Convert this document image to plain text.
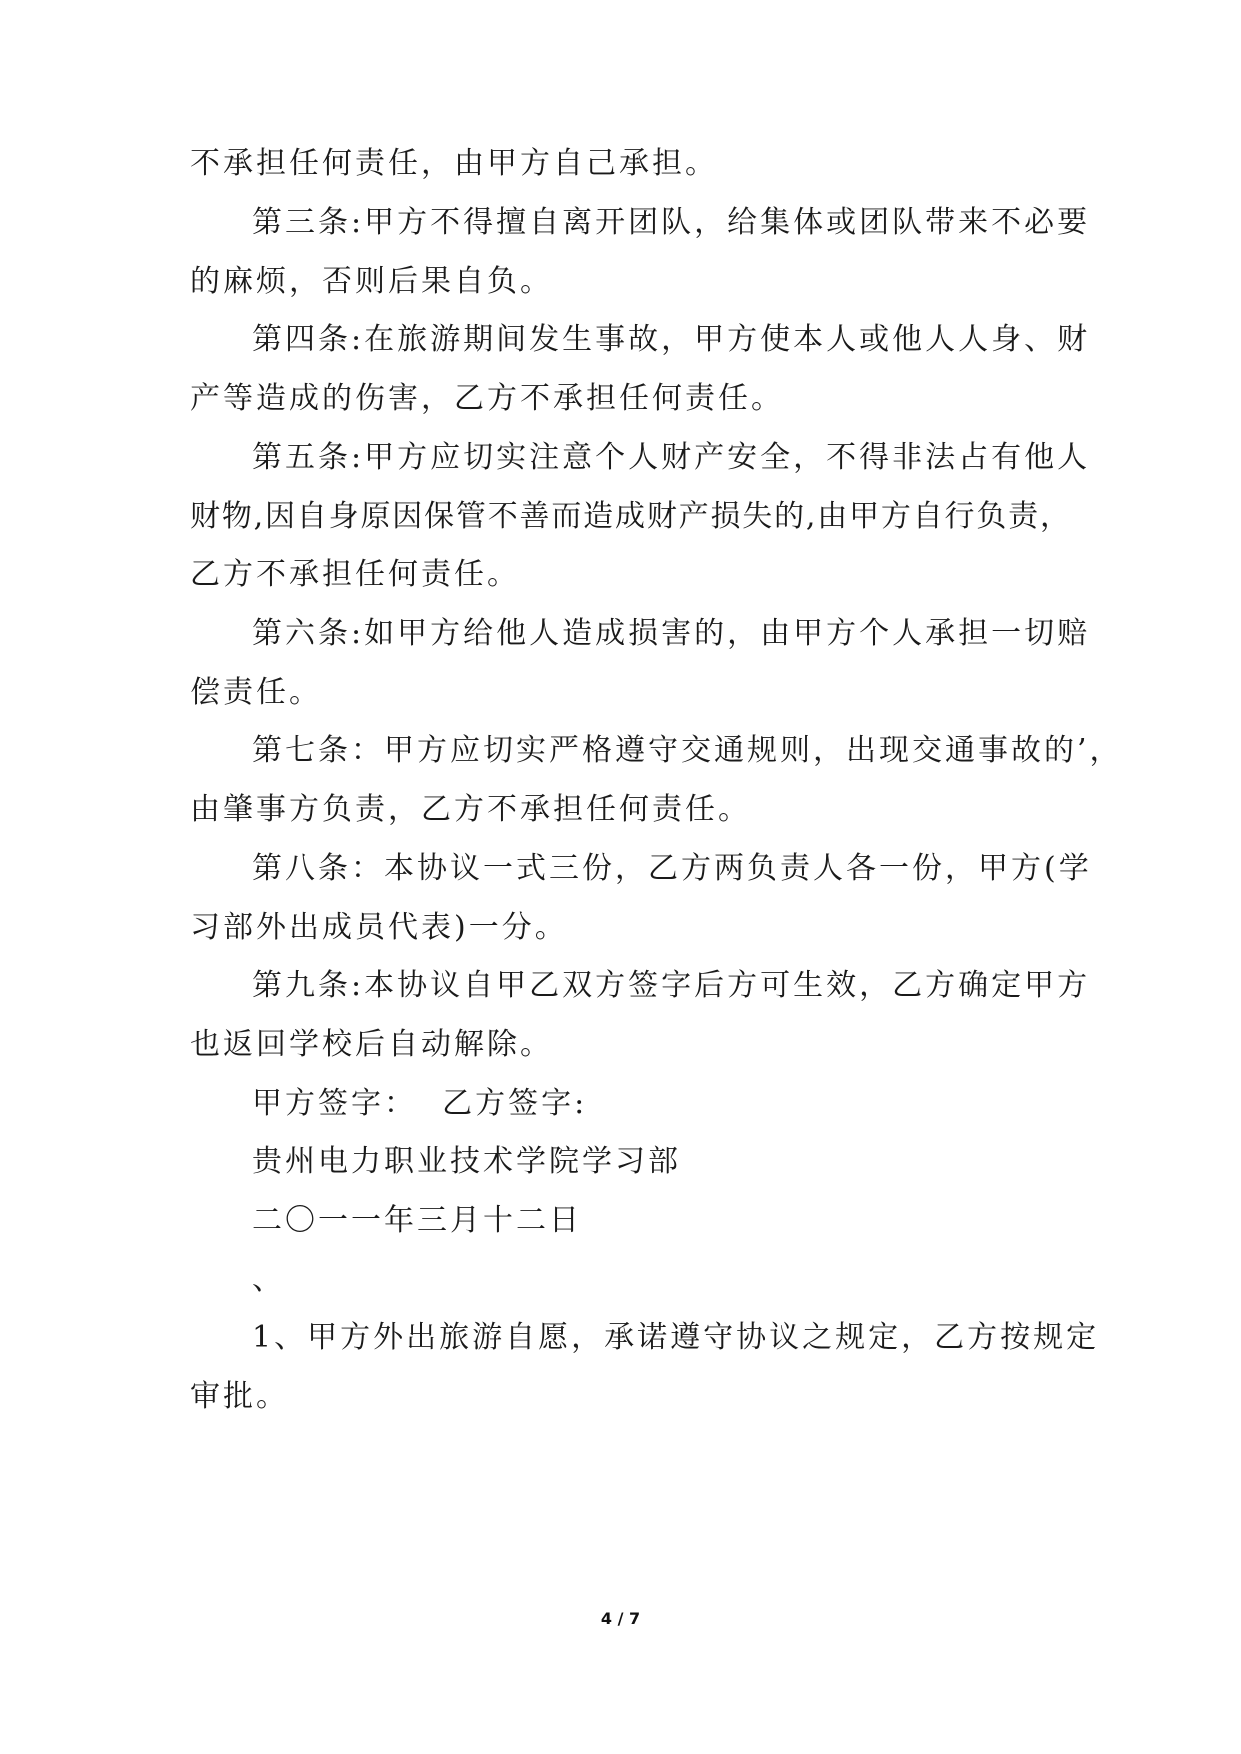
不承担任何责任，由甲方自己承担。

第三条:甲方不得擅自离开团队，给集体或团队带来不必要

的麻烦，否则后果自负。

第四条:在旅游期间发生事故，甲方使本人或他人人身、财

产等造成的伤害，乙方不承担任何责任。

第五条:甲方应切实注意个人财产安全，不得非法占有他人

财物,因自身原因保管不善而造成财产损失的,由甲方自行负责，

乙方不承担任何责任。

第六条:如甲方给他人造成损害的，由甲方个人承担一切赔

偿责任。

第七条：甲方应切实严格遵守交通规则，出现交通事故的’，

由肇事方负责，乙方不承担任何责任。

第八条：本协议一式三份，乙方两负责人各一份，甲方(学

习部外出成员代表)一分。

第九条:本协议自甲乙双方签字后方可生效，乙方确定甲方

也返回学校后自动解除。

甲方签字：  乙方签字:

贵州电力职业技术学院学习部

二〇一一年三月十二日

、

1、甲方外出旅游自愿，承诺遵守协议之规定，乙方按规定

审批。

4 / 7
